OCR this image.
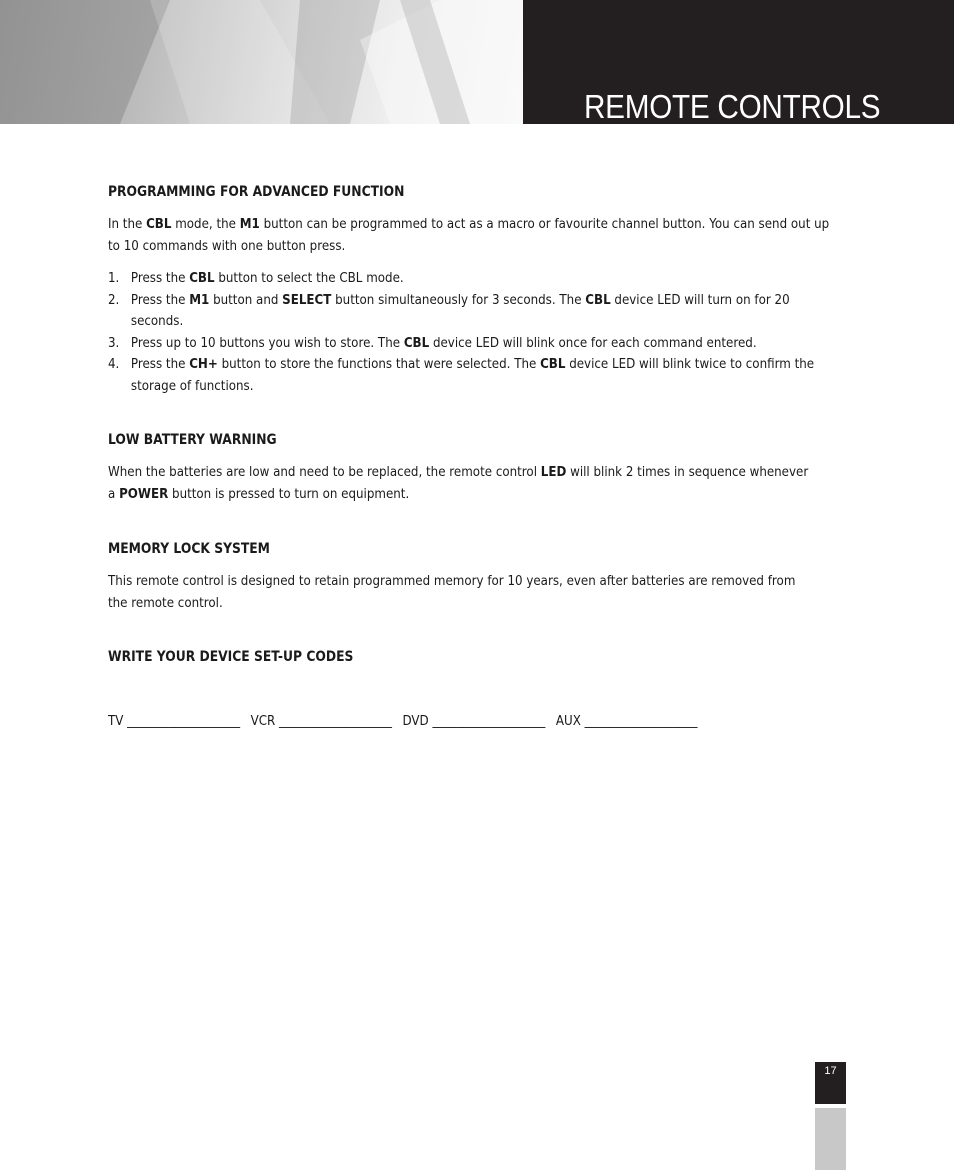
REMOTE CONTROLS
PROGRAMMING FOR ADVANCED FUNCTION

In the CBL mode, the M1 button can be programmed to act as a macro or favourite channel button. You can send out up to 10 commands with one button press.

1. Press the CBL button to select the CBL mode.
2. Press the M1 button and SELECT button simultaneously for 3 seconds. The CBL device LED will turn on for 20 seconds.
3. Press up to 10 buttons you wish to store. The CBL device LED will blink once for each command entered.
4. Press the CH+ button to store the functions that were selected. The CBL device LED will blink twice to confirm the storage of functions.
LOW BATTERY WARNING

When the batteries are low and need to be replaced, the remote control LED will blink 2 times in sequence whenever a POWER button is pressed to turn on equipment.

MEMORY LOCK SYSTEM

This remote control is designed to retain programmed memory for 10 years, even after batteries are removed from the remote control.

WRITE YOUR DEVICE SET-UP CODES
TV ___________________ VCR ___________________ DVD ___________________ AUX ___________________
17
